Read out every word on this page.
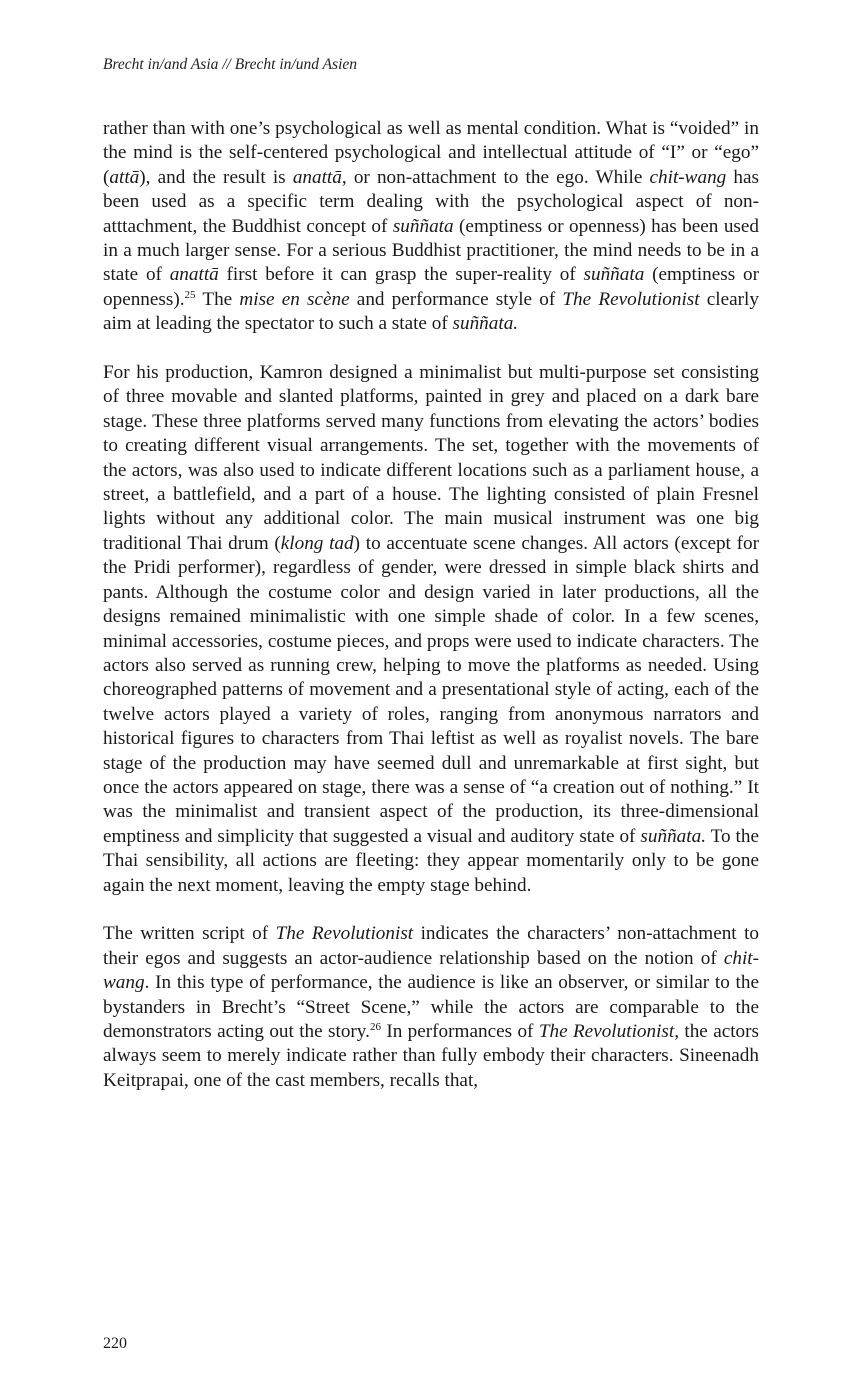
Brecht in/and Asia // Brecht in/und Asien

rather than with one’s psychological as well as mental condition. What is “voided” in the mind is the self-centered psychological and intellectual attitude of “I” or “ego” (attā), and the result is anattā, or non-attachment to the ego. While chit-wang has been used as a specific term dealing with the psychological aspect of non-atttachment, the Buddhist concept of suññata (emptiness or openness) has been used in a much larger sense. For a serious Buddhist practitioner, the mind needs to be in a state of anattā first before it can grasp the super-reality of suññata (emptiness or openness).$^{25}$ The mise en scène and performance style of The Revolutionist clearly aim at leading the spectator to such a state of suññata.

For his production, Kamron designed a minimalist but multi-purpose set consisting of three movable and slanted platforms, painted in grey and placed on a dark bare stage. These three platforms served many functions from elevating the actors’ bodies to creating different visual arrangements. The set, together with the movements of the actors, was also used to indicate different locations such as a parliament house, a street, a battlefield, and a part of a house. The lighting consisted of plain Fresnel lights without any additional color. The main musical instrument was one big traditional Thai drum (klong tad) to accentuate scene changes. All actors (except for the Pridi performer), regardless of gender, were dressed in simple black shirts and pants. Although the costume color and design varied in later productions, all the designs remained minimalistic with one simple shade of color. In a few scenes, minimal accessories, costume pieces, and props were used to indicate characters. The actors also served as running crew, helping to move the platforms as needed. Using choreographed patterns of movement and a presentational style of acting, each of the twelve actors played a variety of roles, ranging from anonymous narrators and historical figures to characters from Thai leftist as well as royalist novels. The bare stage of the production may have seemed dull and unremarkable at first sight, but once the actors appeared on stage, there was a sense of “a creation out of nothing.” It was the minimalist and transient aspect of the production, its three-dimensional emptiness and simplicity that suggested a visual and auditory state of suññata. To the Thai sensibility, all actions are fleeting: they appear momentarily only to be gone again the next moment, leaving the empty stage behind.

The written script of The Revolutionist indicates the characters’ non-attachment to their egos and suggests an actor-audience relationship based on the notion of chit-wang. In this type of performance, the audience is like an observer, or similar to the bystanders in Brecht’s “Street Scene,” while the actors are comparable to the demonstrators acting out the story.$^{26}$ In performances of The Revolutionist, the actors always seem to merely indicate rather than fully embody their characters. Sineenadh Keitprapai, one of the cast members, recalls that,

220
